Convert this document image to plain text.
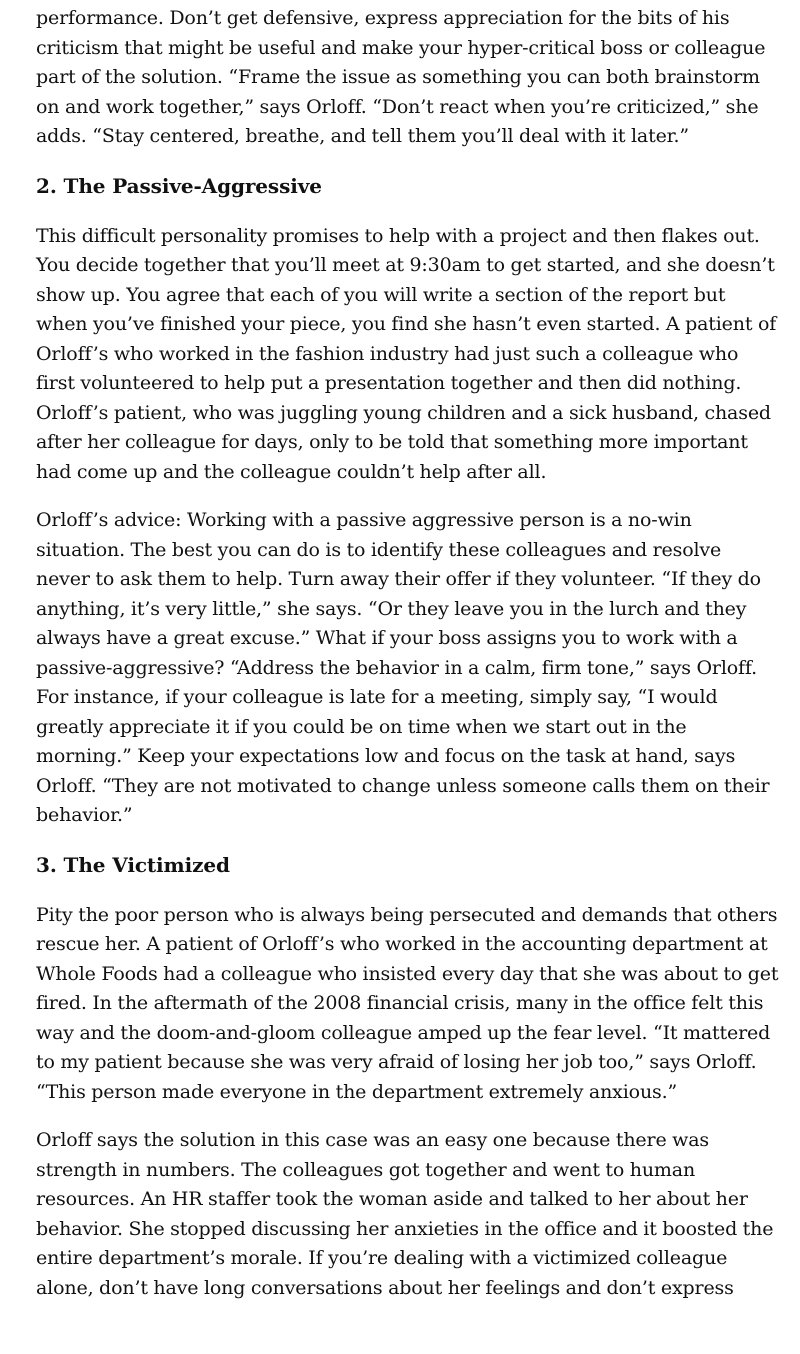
performance. Don’t get defensive, express appreciation for the bits of his
criticism that might be useful and make your hyper-critical boss or colleague
part of the solution. “Frame the issue as something you can both brainstorm
on and work together,” says Orloff. “Don’t react when you’re criticized,” she
adds. “Stay centered, breathe, and tell them you’ll deal with it later.”

2. The Passive-Aggressive

This difficult personality promises to help with a project and then flakes out.
You decide together that you’ll meet at 9:30am to get started, and she doesn’t
show up. You agree that each of you will write a section of the report but
when you’ve finished your piece, you find she hasn’t even started. A patient of
Orloff’s who worked in the fashion industry had just such a colleague who
first volunteered to help put a presentation together and then did nothing.
Orloff’s patient, who was juggling young children and a sick husband, chased
after her colleague for days, only to be told that something more important
had come up and the colleague couldn’t help after all.

Orloff’s advice: Working with a passive aggressive person is a no-win
situation. The best you can do is to identify these colleagues and resolve
never to ask them to help. Turn away their offer if they volunteer. “If they do
anything, it’s very little,” she says. “Or they leave you in the lurch and they
always have a great excuse.” What if your boss assigns you to work with a
passive-aggressive? “Address the behavior in a calm, firm tone,” says Orloff.
For instance, if your colleague is late for a meeting, simply say, “I would
greatly appreciate it if you could be on time when we start out in the
morning.” Keep your expectations low and focus on the task at hand, says
Orloff. “They are not motivated to change unless someone calls them on their
behavior.”

3. The Victimized

Pity the poor person who is always being persecuted and demands that others
rescue her. A patient of Orloff’s who worked in the accounting department at
Whole Foods had a colleague who insisted every day that she was about to get
fired. In the aftermath of the 2008 financial crisis, many in the office felt this
way and the doom-and-gloom colleague amped up the fear level. “It mattered
to my patient because she was very afraid of losing her job too,” says Orloff.
“This person made everyone in the department extremely anxious.”

Orloff says the solution in this case was an easy one because there was
strength in numbers. The colleagues got together and went to human
resources. An HR staffer took the woman aside and talked to her about her
behavior. She stopped discussing her anxieties in the office and it boosted the
entire department’s morale. If you’re dealing with a victimized colleague
alone, don’t have long conversations about her feelings and don’t express
